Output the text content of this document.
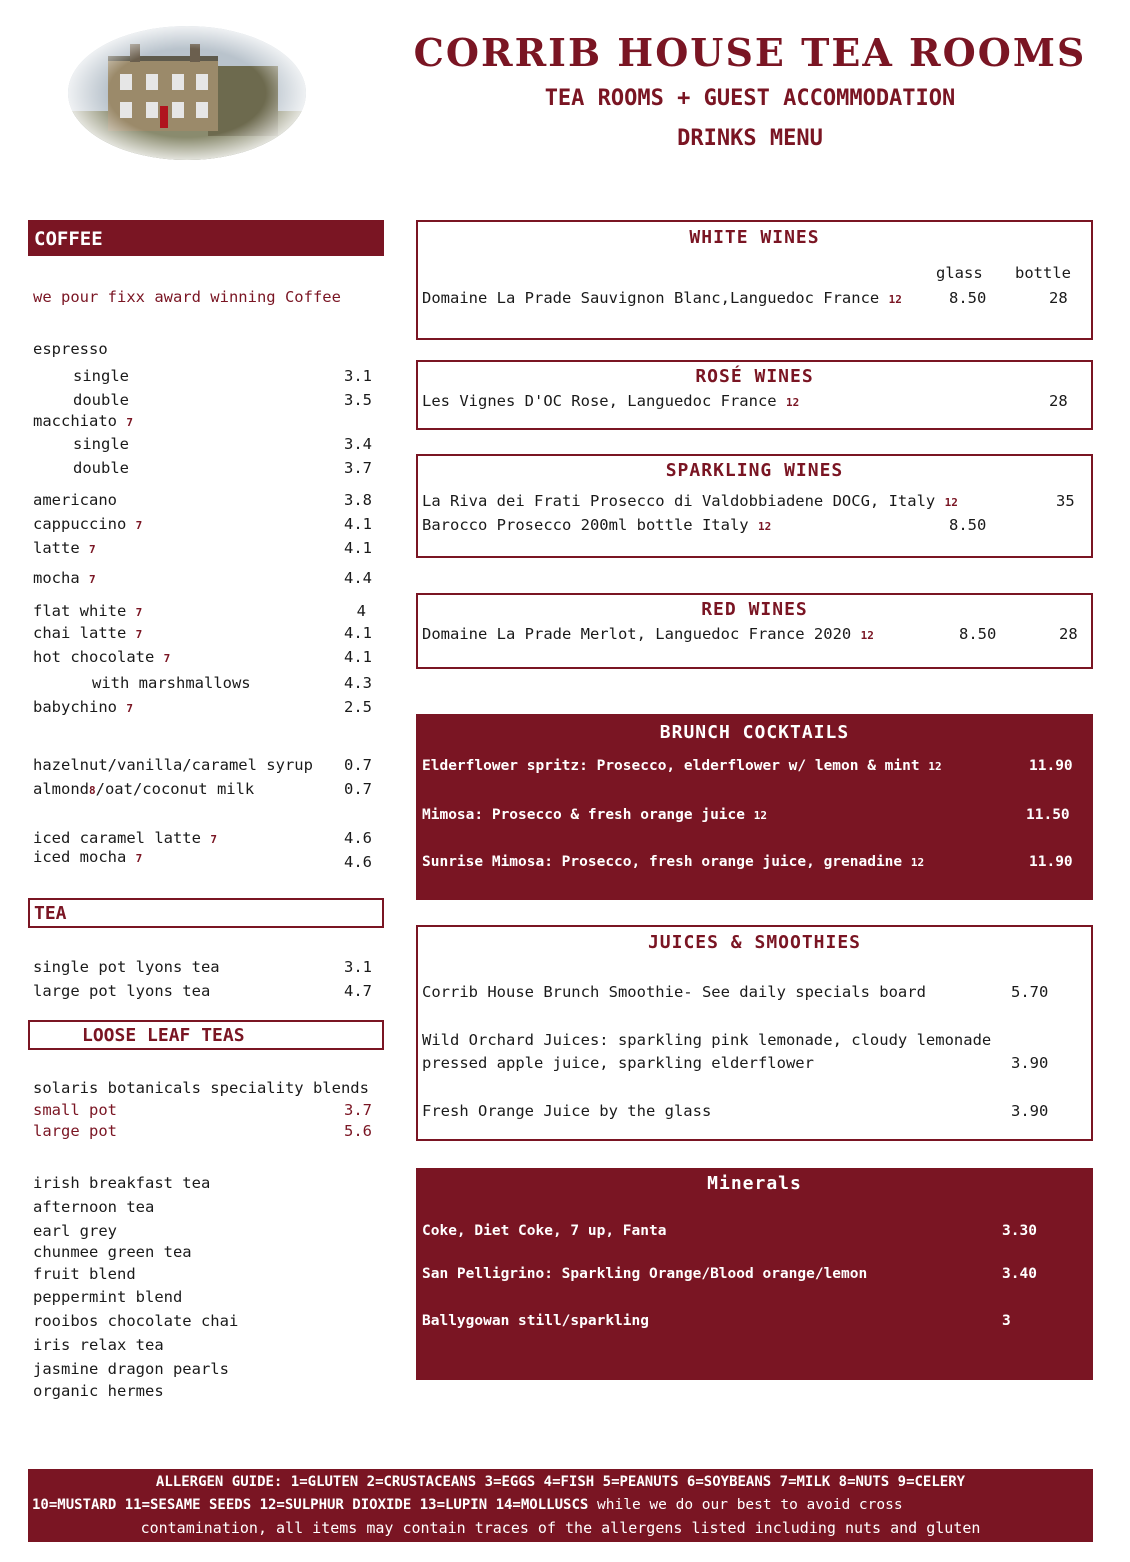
CORRIB HOUSE TEA ROOMS
TEA ROOMS + GUEST ACCOMMODATION
DRINKS MENU
COFFEE
we pour fixx award winning Coffee
espresso
single	3.1
double	3.5
macchiato 7
single	3.4
double	3.7
americano	3.8
cappuccino 7	4.1
latte 7	4.1
mocha 7	4.4
flat white 7	4
chai latte 7	4.1
hot chocolate 7	4.1
with marshmallows	4.3
babychino 7	2.5
hazelnut/vanilla/caramel syrup 0.7
almond8/oat/coconut milk	0.7
iced caramel latte 7	4.6
iced mocha 7	4.6
TEA
single pot lyons tea	3.1
large pot lyons tea	4.7
LOOSE LEAF TEAS
solaris botanicals speciality blends
small pot	3.7
large pot	5.6
irish breakfast tea
afternoon tea
earl grey
chunmee green tea
fruit blend
peppermint blend
rooibos chocolate chai
iris relax tea
jasmine dragon pearls
organic hermes
WHITE WINES
glass bottle
Domaine La Prade Sauvignon Blanc,Languedoc France 12	8.50	28
ROSÉ WINES
Les Vignes D'OC Rose, Languedoc France 12	28
SPARKLING WINES
La Riva dei Frati Prosecco di Valdobbiadene DOCG, Italy 12	35
Barocco Prosecco 200ml bottle Italy 12	8.50
RED WINES
Domaine La Prade Merlot, Languedoc France 2020 12	8.50	28
BRUNCH COCKTAILS
Elderflower spritz: Prosecco, elderflower w/ lemon & mint 12	11.90
Mimosa: Prosecco & fresh orange juice 12	11.50
Sunrise Mimosa: Prosecco, fresh orange juice, grenadine 12	11.90
JUICES & SMOOTHIES
Corrib House Brunch Smoothie- See daily specials board	5.70
Wild Orchard Juices: sparkling pink lemonade, cloudy lemonade
pressed apple juice, sparkling elderflower	3.90
Fresh Orange Juice by the glass	3.90
Minerals
Coke, Diet Coke, 7 up, Fanta	3.30
San Pelligrino: Sparkling Orange/Blood orange/lemon	3.40
Ballygowan still/sparkling	3
ALLERGEN GUIDE: 1=GLUTEN 2=CRUSTACEANS 3=EGGS 4=FISH 5=PEANUTS 6=SOYBEANS 7=MILK 8=NUTS 9=CELERY
10=MUSTARD 11=SESAME SEEDS 12=SULPHUR DIOXIDE 13=LUPIN 14=MOLLUSCS while we do our best to avoid cross
contamination, all items may contain traces of the allergens listed including nuts and gluten
